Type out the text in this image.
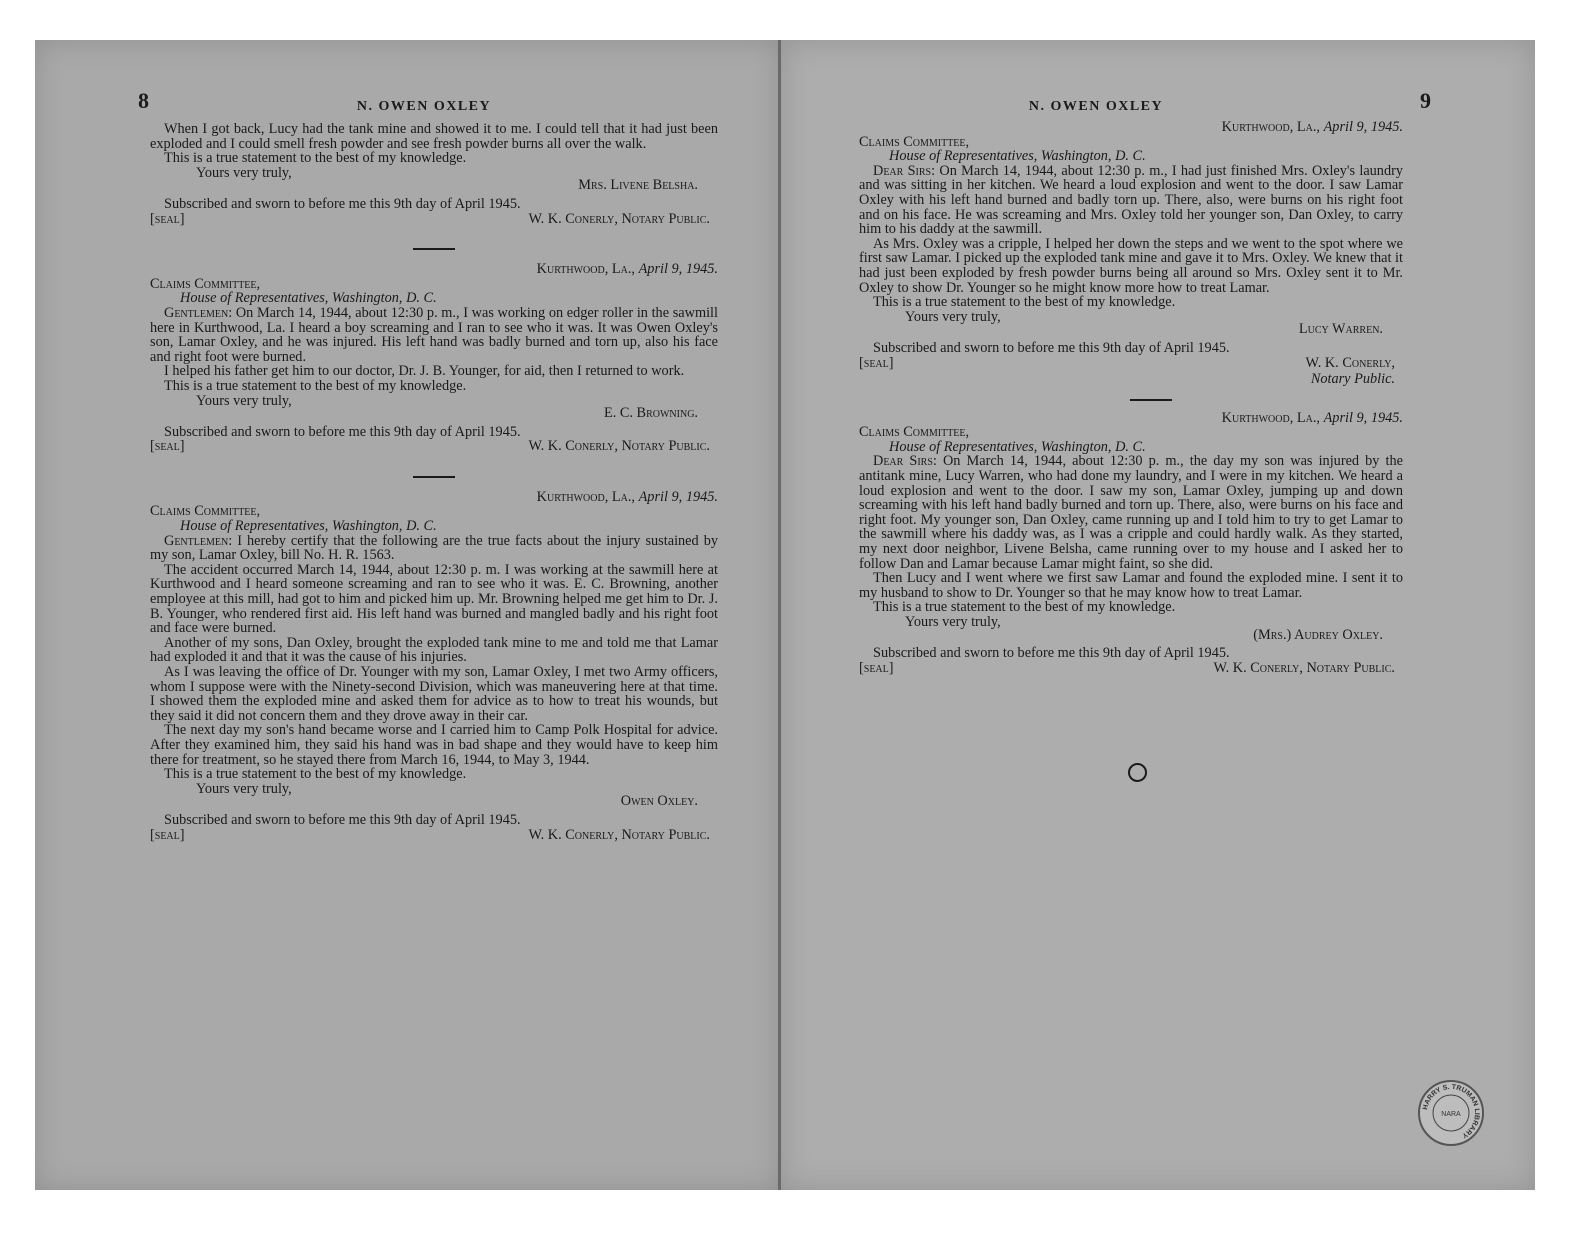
8	N. OWEN OXLEY

When I got back, Lucy had the tank mine and showed it to me. I could tell that it had just been exploded and I could smell fresh powder and see fresh powder burns all over the walk.

This is a true statement to the best of my knowledge.

Yours very truly,

Mrs. Livene Belsha.

Subscribed and sworn to before me this 9th day of April 1945.

[seal]	W. K. Conerly, Notary Public.

Kurthwood, La., April 9, 1945.

Claims Committee,

House of Representatives, Washington, D. C.

Gentlemen: On March 14, 1944, about 12:30 p. m., I was working on edger roller in the sawmill here in Kurthwood, La. I heard a boy screaming and I ran to see who it was. It was Owen Oxley's son, Lamar Oxley, and he was injured. His left hand was badly burned and torn up, also his face and right foot were burned.

I helped his father get him to our doctor, Dr. J. B. Younger, for aid, then I returned to work.

This is a true statement to the best of my knowledge.

Yours very truly,

E. C. Browning.

Subscribed and sworn to before me this 9th day of April 1945.

[seal]	W. K. Conerly, Notary Public.

Kurthwood, La., April 9, 1945.

Claims Committee,

House of Representatives, Washington, D. C.

Gentlemen: I hereby certify that the following are the true facts about the injury sustained by my son, Lamar Oxley, bill No. H. R. 1563.

The accident occurred March 14, 1944, about 12:30 p. m. I was working at the sawmill here at Kurthwood and I heard someone screaming and ran to see who it was. E. C. Browning, another employee at this mill, had got to him and picked him up. Mr. Browning helped me get him to Dr. J. B. Younger, who rendered first aid. His left hand was burned and mangled badly and his right foot and face were burned.

Another of my sons, Dan Oxley, brought the exploded tank mine to me and told me that Lamar had exploded it and that it was the cause of his injuries.

As I was leaving the office of Dr. Younger with my son, Lamar Oxley, I met two Army officers, whom I suppose were with the Ninety-second Division, which was maneuvering here at that time. I showed them the exploded mine and asked them for advice as to how to treat his wounds, but they said it did not concern them and they drove away in their car.

The next day my son's hand became worse and I carried him to Camp Polk Hospital for advice. After they examined him, they said his hand was in bad shape and they would have to keep him there for treatment, so he stayed there from March 16, 1944, to May 3, 1944.

This is a true statement to the best of my knowledge.

Yours very truly,

Owen Oxley.

Subscribed and sworn to before me this 9th day of April 1945.

[seal]	W. K. Conerly, Notary Public.
N. OWEN OXLEY	9

Kurthwood, La., April 9, 1945.

Claims Committee,

House of Representatives, Washington, D. C.

Dear Sirs: On March 14, 1944, about 12:30 p. m., I had just finished Mrs. Oxley's laundry and was sitting in her kitchen. We heard a loud explosion and went to the door. I saw Lamar Oxley with his left hand burned and badly torn up. There, also, were burns on his right foot and on his face. He was screaming and Mrs. Oxley told her younger son, Dan Oxley, to carry him to his daddy at the sawmill.

As Mrs. Oxley was a cripple, I helped her down the steps and we went to the spot where we first saw Lamar. I picked up the exploded tank mine and gave it to Mrs. Oxley. We knew that it had just been exploded by fresh powder burns being all around so Mrs. Oxley sent it to Mr. Oxley to show Dr. Younger so he might know more how to treat Lamar.

This is a true statement to the best of my knowledge.

Yours very truly,

Lucy Warren.

Subscribed and sworn to before me this 9th day of April 1945.

[seal]	W. K. Conerly,

Notary Public.

Kurthwood, La., April 9, 1945.

Claims Committee,

House of Representatives, Washington, D. C.

Dear Sirs: On March 14, 1944, about 12:30 p. m., the day my son was injured by the antitank mine, Lucy Warren, who had done my laundry, and I were in my kitchen. We heard a loud explosion and went to the door. I saw my son, Lamar Oxley, jumping up and down screaming with his left hand badly burned and torn up. There, also, were burns on his face and right foot. My younger son, Dan Oxley, came running up and I told him to try to get Lamar to the sawmill where his daddy was, as I was a cripple and could hardly walk. As they started, my next door neighbor, Livene Belsha, came running over to my house and I asked her to follow Dan and Lamar because Lamar might faint, so she did.

Then Lucy and I went where we first saw Lamar and found the exploded mine. I sent it to my husband to show to Dr. Younger so that he may know how to treat Lamar.

This is a true statement to the best of my knowledge.

Yours very truly,

(Mrs.) Audrey Oxley.

Subscribed and sworn to before me this 9th day of April 1945.

[seal]	W. K. Conerly, Notary Public.
HARRY S. TRUMAN LIBRARY
NARA
